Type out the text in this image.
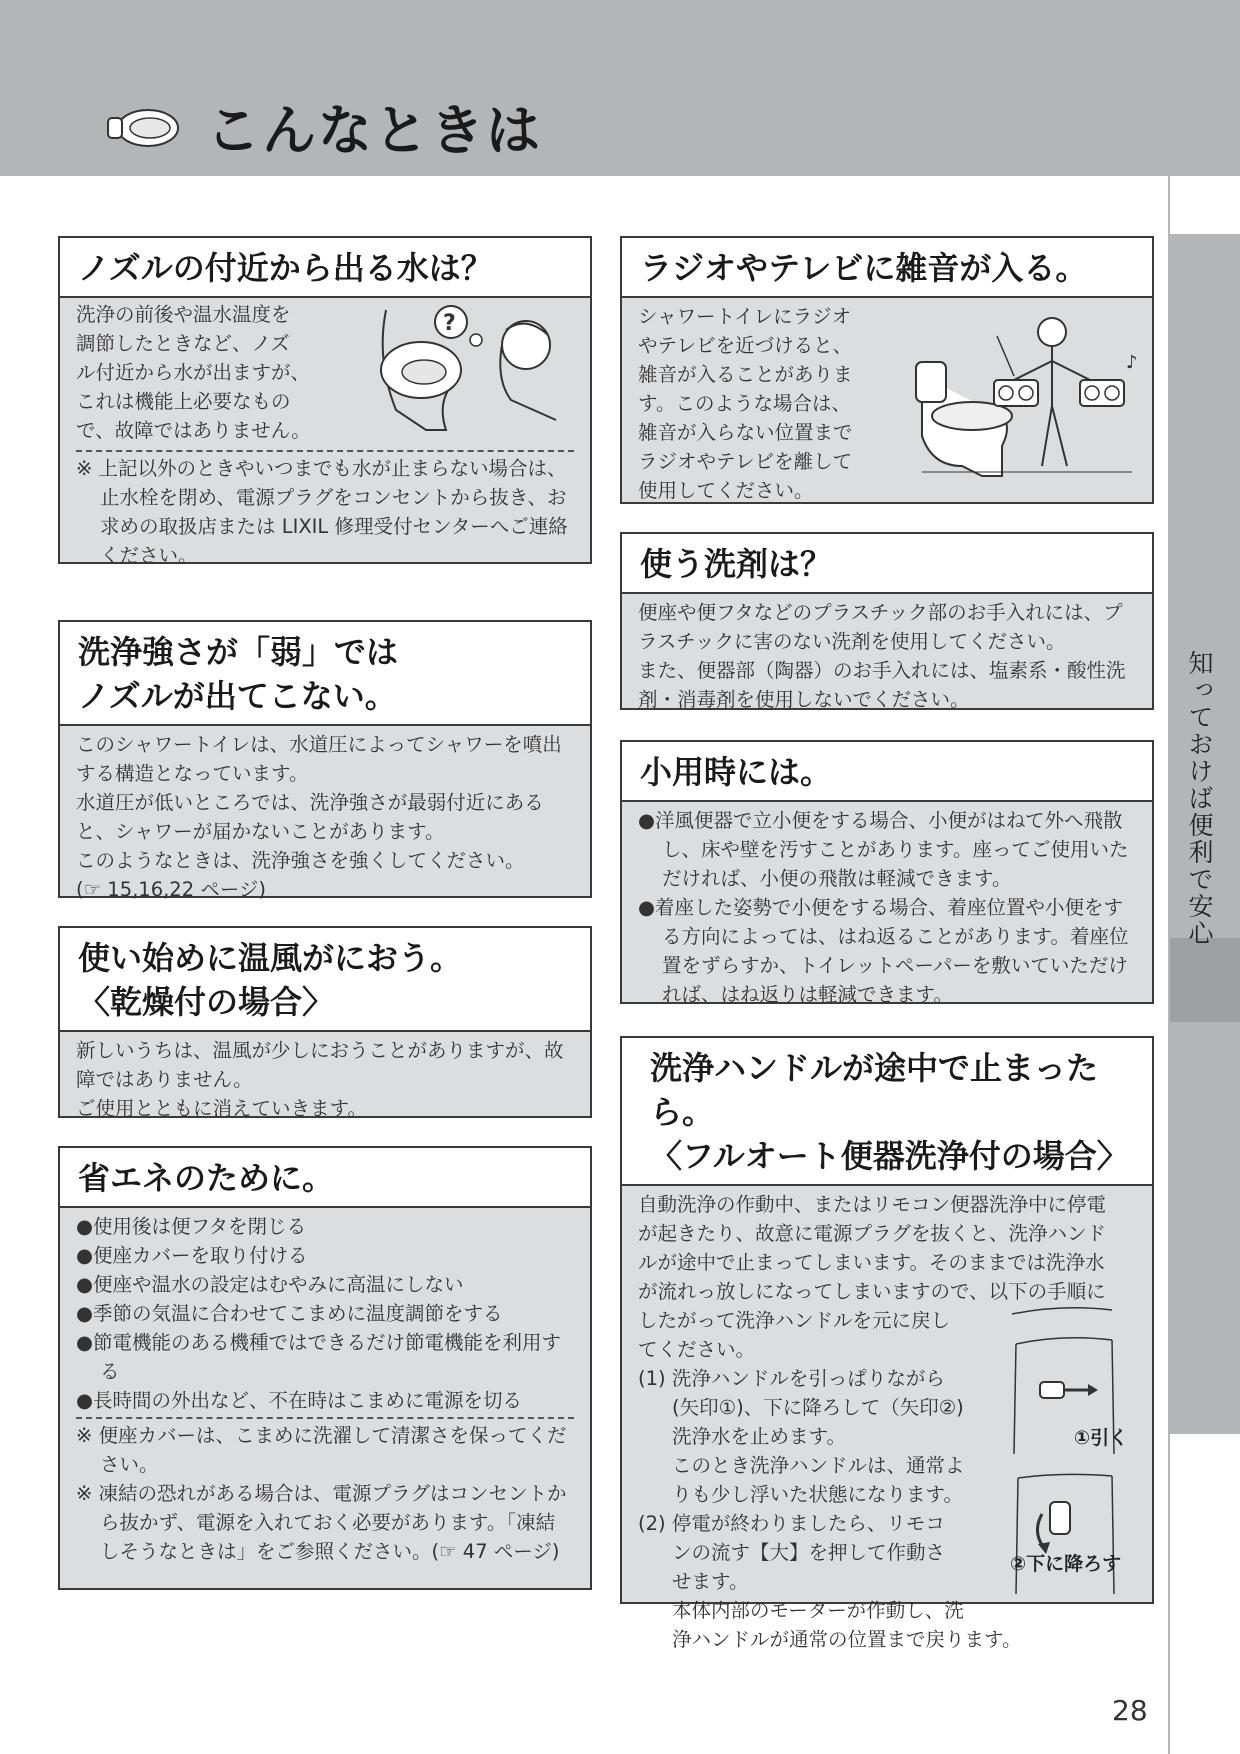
こんなときは
知っておけば便利で安心
ノズルの付近から出る水は？
洗浄の前後や温水温度を
調節したときなど、ノズ
ル付近から水が出ますが、
これは機能上必要なもの
で、故障ではありません。
?
※ 上記以外のときやいつまでも水が止まらない場合は、止水栓を閉め、電源プラグをコンセントから抜き、お求めの取扱店または LIXIL 修理受付センターへご連絡ください。
洗浄強さが「弱」では
ノズルが出てこない。
このシャワートイレは、水道圧によってシャワーを噴出する構造となっています。
水道圧が低いところでは、洗浄強さが最弱付近にあると、シャワーが届かないことがあります。
このようなときは、洗浄強さを強くしてください。
(☞ 15,16,22 ページ)
使い始めに温風がにおう。
〈乾燥付の場合〉
新しいうちは、温風が少しにおうことがありますが、故障ではありません。
ご使用とともに消えていきます。
省エネのために。
●使用後は便フタを閉じる
●便座カバーを取り付ける
●便座や温水の設定はむやみに高温にしない
●季節の気温に合わせてこまめに温度調節をする
●節電機能のある機種ではできるだけ節電機能を利用する
●長時間の外出など、不在時はこまめに電源を切る
※ 便座カバーは、こまめに洗濯して清潔さを保ってください。
※ 凍結の恐れがある場合は、電源プラグはコンセントから抜かず、電源を入れておく必要があります。「凍結しそうなときは」をご参照ください。(☞ 47 ページ)
ラジオやテレビに雑音が入る。
シャワートイレにラジオ
やテレビを近づけると、
雑音が入ることがありま
す。このような場合は、
雑音が入らない位置まで
ラジオやテレビを離して
使用してください。
♪
使う洗剤は？
便座や便フタなどのプラスチック部のお手入れには、プラスチックに害のない洗剤を使用してください。
また、便器部（陶器）のお手入れには、塩素系・酸性洗剤・消毒剤を使用しないでください。
小用時には。
●洋風便器で立小便をする場合、小便がはねて外へ飛散し、床や壁を汚すことがあります。座ってご使用いただければ、小便の飛散は軽減できます。
●着座した姿勢で小便をする場合、着座位置や小便をする方向によっては、はね返ることがあります。着座位置をずらすか、トイレットペーパーを敷いていただければ、はね返りは軽減できます。
洗浄ハンドルが途中で止まったら。
〈フルオート便器洗浄付の場合〉
自動洗浄の作動中、またはリモコン便器洗浄中に停電
が起きたり、故意に電源プラグを抜くと、洗浄ハンド
ルが途中で止まってしまいます。そのままでは洗浄水
が流れっ放しになってしまいますので、以下の手順に
したがって洗浄ハンドルを元に戻し
てください。
(1) 洗浄ハンドルを引っぱりながら
(矢印①)、下に降ろして（矢印②)
洗浄水を止めます。
このとき洗浄ハンドルは、通常よ
りも少し浮いた状態になります。
(2) 停電が終わりましたら、リモコ
ンの流す【大】を押して作動さ
せます。
本体内部のモーターが作動し、洗
浄ハンドルが通常の位置まで戻ります。
①引く
②下に降ろす
28
